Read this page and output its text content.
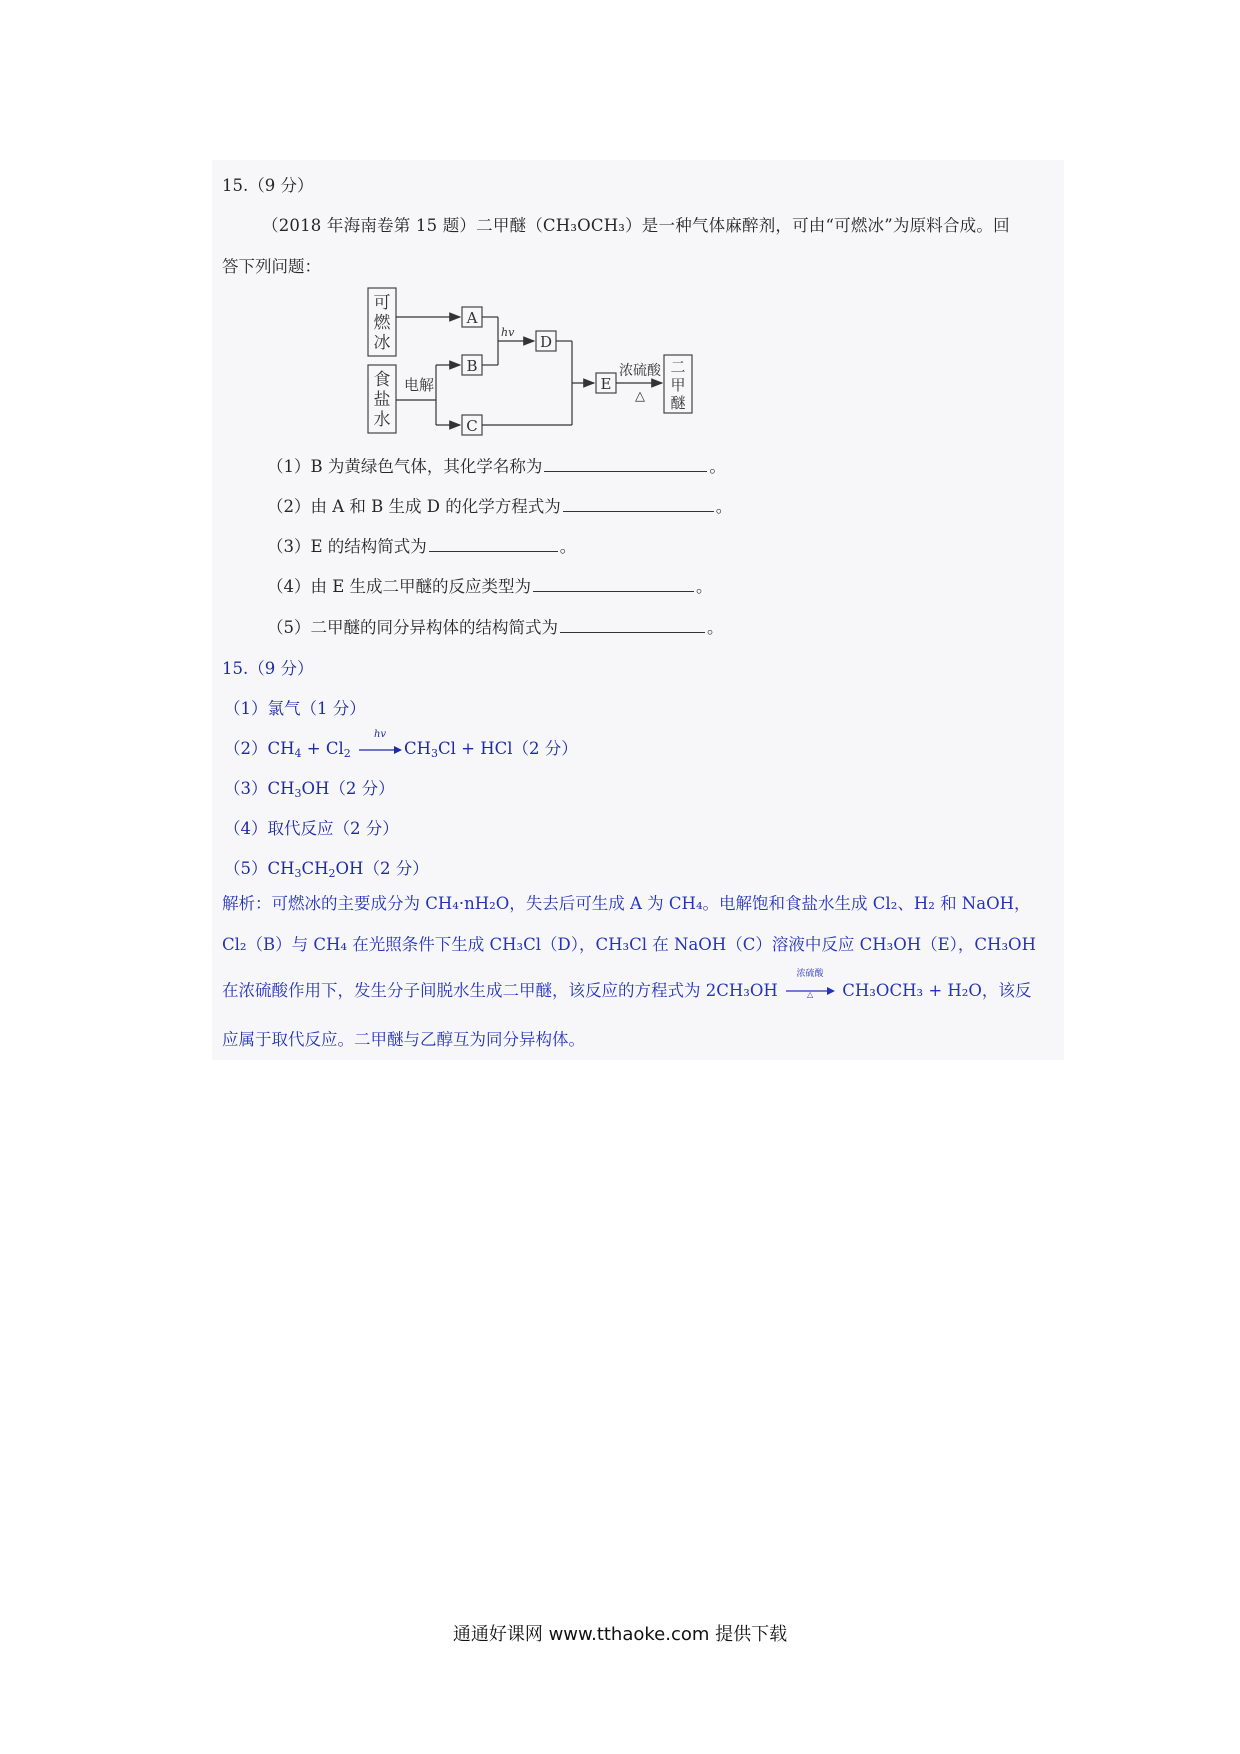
15.（9 分）
（2018 年海南卷第 15 题）二甲醚（CH₃OCH₃）是一种气体麻醉剂，可由“可燃冰”为原料合成。回
答下列问题：
可
燃
冰
食
盐
水
A
电解
B
C
hv
D
E
浓硫酸
△
二
甲
醚
（1）B 为黄绿色气体，其化学名称为	。
（2）由 A 和 B 生成 D 的化学方程式为	。
（3）E 的结构简式为	。
（4）由 E 生成二甲醚的反应类型为	。
（5）二甲醚的同分异构体的结构简式为	。
15.（9 分）
（1）氯气（1 分）
$(2)CH_4 + Cl_2$
hv
$CH_3Cl + HCl(2$ 分）
$(3)CH_3OH(2$ 分）
（4）取代反应（2 分）
$(5)CH_3CH_2OH(2$ 分）
解析：可燃冰的主要成分为 CH₄·nH₂O，失去后可生成 A 为 CH₄。电解饱和食盐水生成 Cl₂、H₂ 和 NaOH，
Cl₂（B）与 CH₄ 在光照条件下生成 CH₃Cl（D），CH₃Cl 在 NaOH（C）溶液中反应 CH₃OH（E），CH₃OH
在浓硫酸作用下，发生分子间脱水生成二甲醚，该反应的方程式为 2CH₃OH
浓硫酸
△	CH₃OCH₃ + H₂O，该反
应属于取代反应。二甲醚与乙醇互为同分异构体。
通通好课网 www.tthaoke.com 提供下载
